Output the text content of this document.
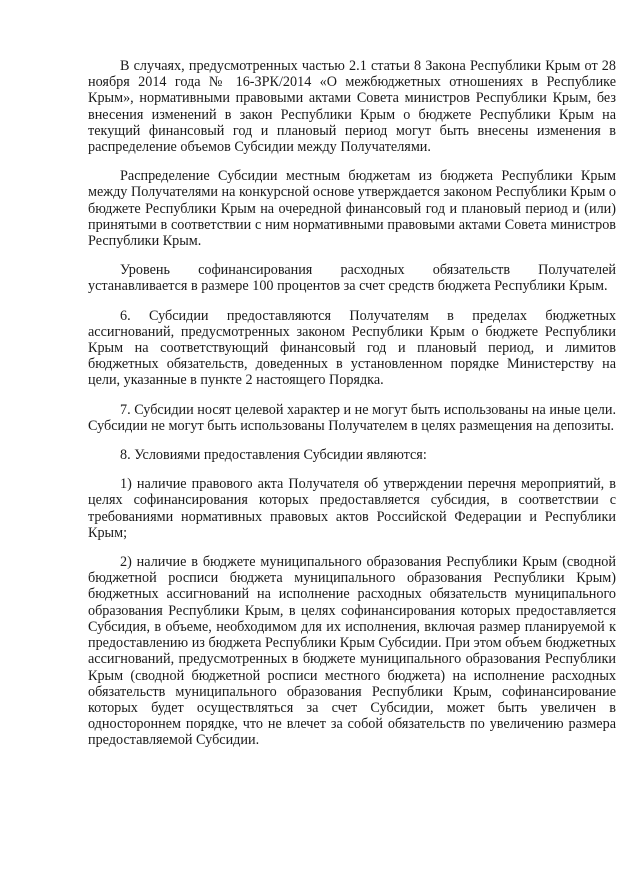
В случаях, предусмотренных частью 2.1 статьи 8 Закона Республики Крым от 28 ноября 2014 года № 16-ЗРК/2014 «О межбюджетных отношениях в Республике Крым», нормативными правовыми актами Совета министров Республики Крым, без внесения изменений в закон Республики Крым о бюджете Республики Крым на текущий финансовый год и плановый период могут быть внесены изменения в распределение объемов Субсидии между Получателями.

Распределение Субсидии местным бюджетам из бюджета Республики Крым между Получателями на конкурсной основе утверждается законом Республики Крым о бюджете Республики Крым на очередной финансовый год и плановый период и (или) принятыми в соответствии с ним нормативными правовыми актами Совета министров Республики Крым.

Уровень софинансирования расходных обязательств Получателей устанавливается в размере 100 процентов за счет средств бюджета Республики Крым.

6. Субсидии предоставляются Получателям в пределах бюджетных ассигнований, предусмотренных законом Республики Крым о бюджете Республики Крым на соответствующий финансовый год и плановый период, и лимитов бюджетных обязательств, доведенных в установленном порядке Министерству на цели, указанные в пункте 2 настоящего Порядка.

7. Субсидии носят целевой характер и не могут быть использованы на иные цели. Субсидии не могут быть использованы Получателем в целях размещения на депозиты.

8. Условиями предоставления Субсидии являются:

1) наличие правового акта Получателя об утверждении перечня мероприятий, в целях софинансирования которых предоставляется субсидия, в соответствии с требованиями нормативных правовых актов Российской Федерации и Республики Крым;

2) наличие в бюджете муниципального образования Республики Крым (сводной бюджетной росписи бюджета муниципального образования Республики Крым) бюджетных ассигнований на исполнение расходных обязательств муниципального образования Республики Крым, в целях софинансирования которых предоставляется Субсидия, в объеме, необходимом для их исполнения, включая размер планируемой к предоставлению из бюджета Республики Крым Субсидии. При этом объем бюджетных ассигнований, предусмотренных в бюджете муниципального образования Республики Крым (сводной бюджетной росписи местного бюджета) на исполнение расходных обязательств муниципального образования Республики Крым, софинансирование которых будет осуществляться за счет Субсидии, может быть увеличен в одностороннем порядке, что не влечет за собой обязательств по увеличению размера предоставляемой Субсидии.
